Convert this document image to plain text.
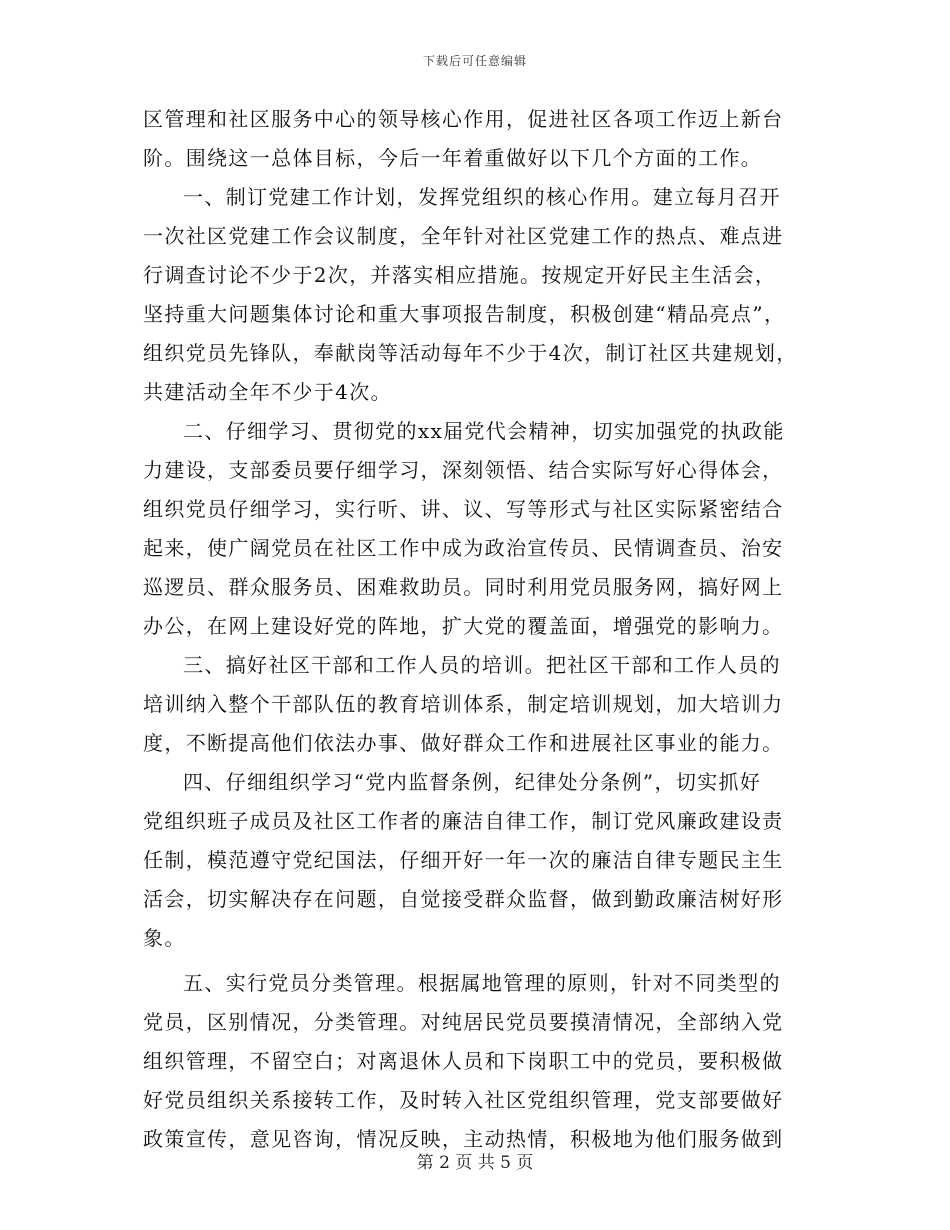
下载后可任意编辑
区管理和社区服务中心的领导核心作用，促进社区各项工作迈上新台
阶。围绕这一总体目标，今后一年着重做好以下几个方面的工作。
一、制订党建工作计划，发挥党组织的核心作用。建立每月召开
一次社区党建工作会议制度，全年针对社区党建工作的热点、难点进
行调查讨论不少于2次，并落实相应措施。按规定开好民主生活会，
坚持重大问题集体讨论和重大事项报告制度，积极创建“精品亮点”，
组织党员先锋队，奉献岗等活动每年不少于4次，制订社区共建规划，
共建活动全年不少于4次。
二、仔细学习、贯彻党的xx届党代会精神，切实加强党的执政能
力建设，支部委员要仔细学习，深刻领悟、结合实际写好心得体会，
组织党员仔细学习，实行听、讲、议、写等形式与社区实际紧密结合
起来，使广阔党员在社区工作中成为政治宣传员、民情调查员、治安
巡逻员、群众服务员、困难救助员。同时利用党员服务网，搞好网上
办公，在网上建设好党的阵地，扩大党的覆盖面，增强党的影响力。
三、搞好社区干部和工作人员的培训。把社区干部和工作人员的
培训纳入整个干部队伍的教育培训体系，制定培训规划，加大培训力
度，不断提高他们依法办事、做好群众工作和进展社区事业的能力。
四、仔细组织学习“党内监督条例，纪律处分条例”，切实抓好
党组织班子成员及社区工作者的廉洁自律工作，制订党风廉政建设责
任制，模范遵守党纪国法，仔细开好一年一次的廉洁自律专题民主生
活会，切实解决存在问题，自觉接受群众监督，做到勤政廉洁树好形
象。
五、实行党员分类管理。根据属地管理的原则，针对不同类型的
党员，区别情况，分类管理。对纯居民党员要摸清情况，全部纳入党
组织管理，不留空白；对离退休人员和下岗职工中的党员，要积极做
好党员组织关系接转工作，及时转入社区党组织管理，党支部要做好
政策宣传，意见咨询，情况反映，主动热情，积极地为他们服务做到
第 2 页 共 5 页
